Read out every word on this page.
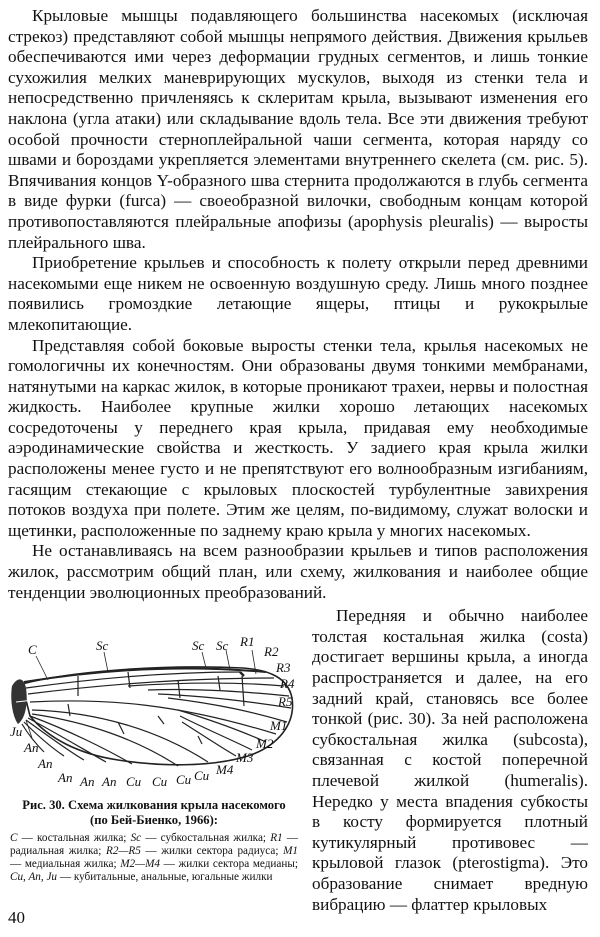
Крыловые мышцы подавляющего большинства насекомых (исключая стрекоз) представляют собой мышцы непрямого действия. Движения крыльев обеспечиваются ими через деформации грудных сегментов, и лишь тонкие сухожилия мелких маневрирующих мускулов, выходя из стенки тела и непосредственно причленяясь к склеритам крыла, вызывают изменения его наклона (угла атаки) или складывание вдоль тела. Все эти движения требуют особой прочности стерноплейральной чаши сегмента, которая наряду со швами и бороздами укрепляется элементами внутреннего скелета (см. рис. 5). Впячивания концов Y-образного шва стернита продолжаются в глубь сегмента в виде фурки (furca) — своеобразной вилочки, свободным концам которой противопоставляются плейральные апофизы (apophysis pleuralis) — выросты плейрального шва.

Приобретение крыльев и способность к полету открыли перед древними насекомыми еще никем не освоенную воздушную среду. Лишь много позднее появились громоздкие летающие ящеры, птицы и рукокрылые млекопитающие.

Представляя собой боковые выросты стенки тела, крылья насекомых не гомологичны их конечностям. Они образованы двумя тонкими мембранами, натянутыми на каркас жилок, в которые проникают трахеи, нервы и полостная жидкость. Наиболее крупные жилки хорошо летающих насекомых сосредоточены у переднего края крыла, придавая ему необходимые аэродинамические свойства и жесткость. У задиего края крыла жилки расположены менее густо и не препятствуют его волнообразным изгибаниям, гасящим стекающие с крыловых плоскостей турбулентные завихрения потоков воздуха при полете. Этим же целям, по-видимому, служат волоски и щетинки, расположенные по заднему краю крыла у многих насекомых.

Не останавливаясь на всем разнообразии крыльев и типов расположения жилок, рассмотрим общий план, или схему, жилкования и наиболее общие тенденции эволюционных преобразований.

C	Sc	Sc Sc R1
R2
R3
R4
R5
M1
M2
M3
M4
Cu
Cu
Cu
Cu
An
An
An
An
An
Ju
Рис. 30. Схема жилкования крыла насекомого (по Бей-Биенко, 1966):
C — костальная жилка; Sc — субкостальная жилка; R1 — радиальная жилка; R2—R5 — жилки сектора радиуса; M1 — медиальная жилка; M2—M4 — жилки сектора медианы; Cu, An, Ju — кубитальные, анальные, югальные жилки

Передняя и обычно наиболее толстая костальная жилка (costa) достигает вершины крыла, а иногда распространяется и далее, на его задний край, становясь все более тонкой (рис. 30). За ней расположена субкостальная жилка (subcosta), связанная с костой поперечной плечевой жилкой (humeralis). Нередко у места впадения субкосты в косту формируется плотный кутикулярный противовес — крыловой глазок (pterostigma). Это образование снимает вредную вибрацию — флаттер крыловых

40
